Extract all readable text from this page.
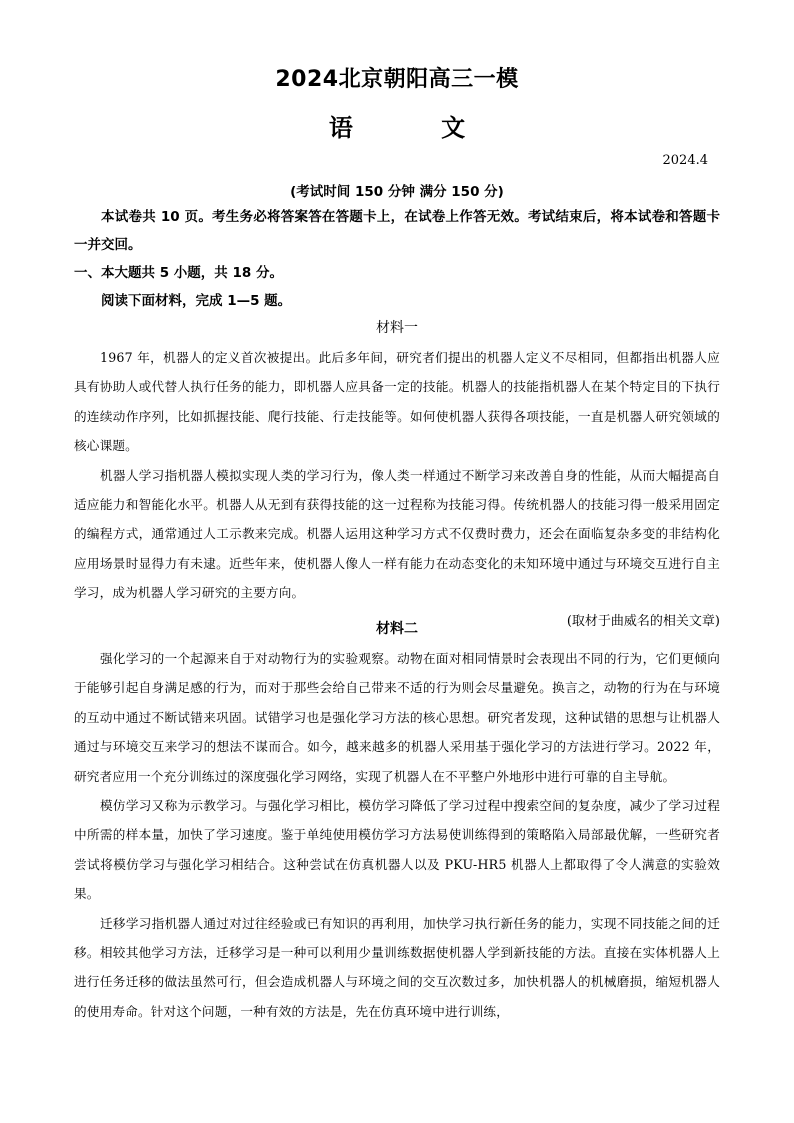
2024北京朝阳高三一模
语 文
2024.4
(考试时间 150 分钟 满分 150 分)

本试卷共 10 页。考生务必将答案答在答题卡上，在试卷上作答无效。考试结束后，将本试卷和答题卡一并交回。

一、本大题共 5 小题，共 18 分。

阅读下面材料，完成 1—5 题。

材料一

1967 年，机器人的定义首次被提出。此后多年间，研究者们提出的机器人定义不尽相同，但都指出机器人应具有协助人或代替人执行任务的能力，即机器人应具备一定的技能。机器人的技能指机器人在某个特定目的下执行的连续动作序列，比如抓握技能、爬行技能、行走技能等。如何使机器人获得各项技能，一直是机器人研究领域的核心课题。

机器人学习指机器人模拟实现人类的学习行为，像人类一样通过不断学习来改善自身的性能，从而大幅提高自适应能力和智能化水平。机器人从无到有获得技能的这一过程称为技能习得。传统机器人的技能习得一般采用固定的编程方式，通常通过人工示教来完成。机器人运用这种学习方式不仅费时费力，还会在面临复杂多变的非结构化应用场景时显得力有未逮。近些年来，使机器人像人一样有能力在动态变化的未知环境中通过与环境交互进行自主学习，成为机器人学习研究的主要方向。

(取材于曲威名的相关文章)

材料二

强化学习的一个起源来自于对动物行为的实验观察。动物在面对相同情景时会表现出不同的行为，它们更倾向于能够引起自身满足感的行为，而对于那些会给自己带来不适的行为则会尽量避免。换言之，动物的行为在与环境的互动中通过不断试错来巩固。试错学习也是强化学习方法的核心思想。研究者发现，这种试错的思想与让机器人通过与环境交互来学习的想法不谋而合。如今，越来越多的机器人采用基于强化学习的方法进行学习。2022 年，研究者应用一个充分训练过的深度强化学习网络，实现了机器人在不平整户外地形中进行可靠的自主导航。

模仿学习又称为示教学习。与强化学习相比，模仿学习降低了学习过程中搜索空间的复杂度，减少了学习过程中所需的样本量，加快了学习速度。鉴于单纯使用模仿学习方法易使训练得到的策略陷入局部最优解，一些研究者尝试将模仿学习与强化学习相结合。这种尝试在仿真机器人以及 PKU-HR5 机器人上都取得了令人满意的实验效果。

迁移学习指机器人通过对过往经验或已有知识的再利用，加快学习执行新任务的能力，实现不同技能之间的迁移。相较其他学习方法，迁移学习是一种可以利用少量训练数据使机器人学到新技能的方法。直接在实体机器人上进行任务迁移的做法虽然可行，但会造成机器人与环境之间的交互次数过多，加快机器人的机械磨损，缩短机器人的使用寿命。针对这个问题，一种有效的方法是，先在仿真环境中进行训练，
